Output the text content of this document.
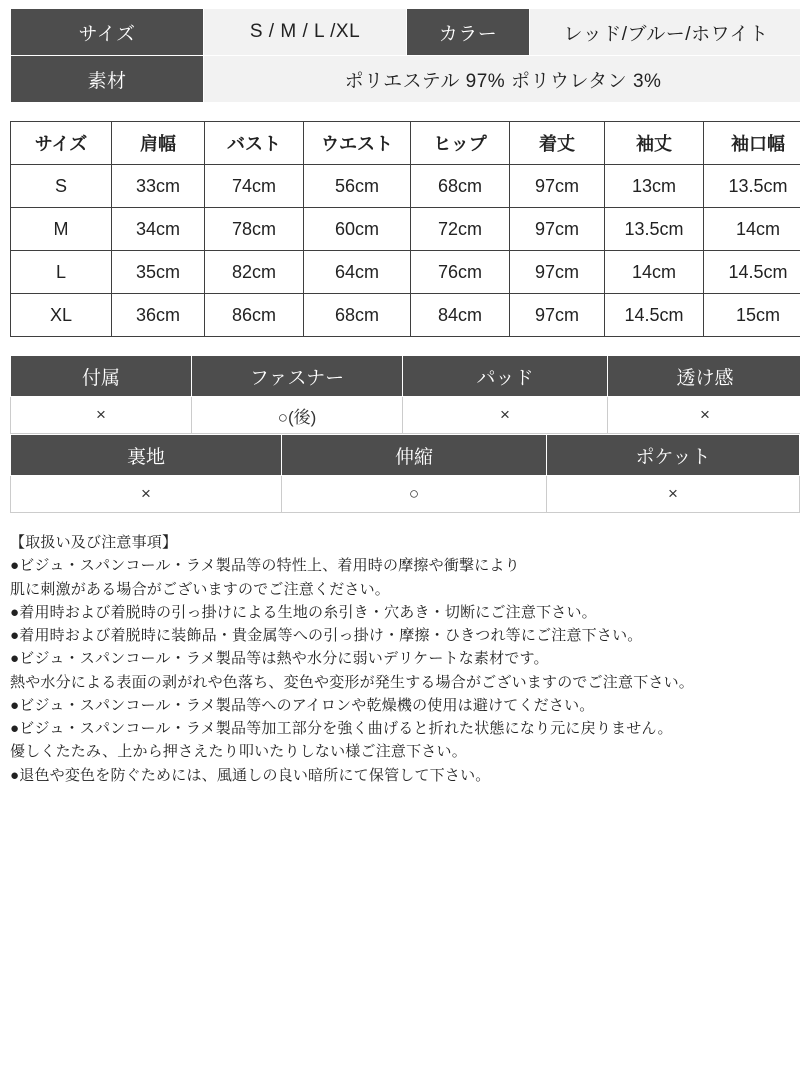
サイズ	S / M / L /XL	カラー	レッド/ブルー/ホワイト
素材	ポリエステル 97% ポリウレタン 3%		
サイズ	肩幅	バスト	ウエスト	ヒップ	着丈	袖丈	袖口幅
S	33cm	74cm	56cm	68cm	97cm	13cm	13.5cm
M	34cm	78cm	60cm	72cm	97cm	13.5cm	14cm
L	35cm	82cm	64cm	76cm	97cm	14cm	14.5cm
XL	36cm	86cm	68cm	84cm	97cm	14.5cm	15cm
付属	ファスナー	パッド	透け感
×	○(後)	×	×
裏地	伸縮	ポケット
×	○	×
【取扱い及び注意事項】
●ビジュ・スパンコール・ラメ製品等の特性上、着用時の摩擦や衝撃により
肌に刺激がある場合がございますのでご注意ください。
●着用時および着脱時の引っ掛けによる生地の糸引き・穴あき・切断にご注意下さい。
●着用時および着脱時に装飾品・貴金属等への引っ掛け・摩擦・ひきつれ等にご注意下さい。
●ビジュ・スパンコール・ラメ製品等は熱や水分に弱いデリケートな素材です。
熱や水分による表面の剥がれや色落ち、変色や変形が発生する場合がございますのでご注意下さい。
●ビジュ・スパンコール・ラメ製品等へのアイロンや乾燥機の使用は避けてください。
●ビジュ・スパンコール・ラメ製品等加工部分を強く曲げると折れた状態になり元に戻りません。
優しくたたみ、上から押さえたり叩いたりしない様ご注意下さい。
●退色や変色を防ぐためには、風通しの良い暗所にて保管して下さい。
